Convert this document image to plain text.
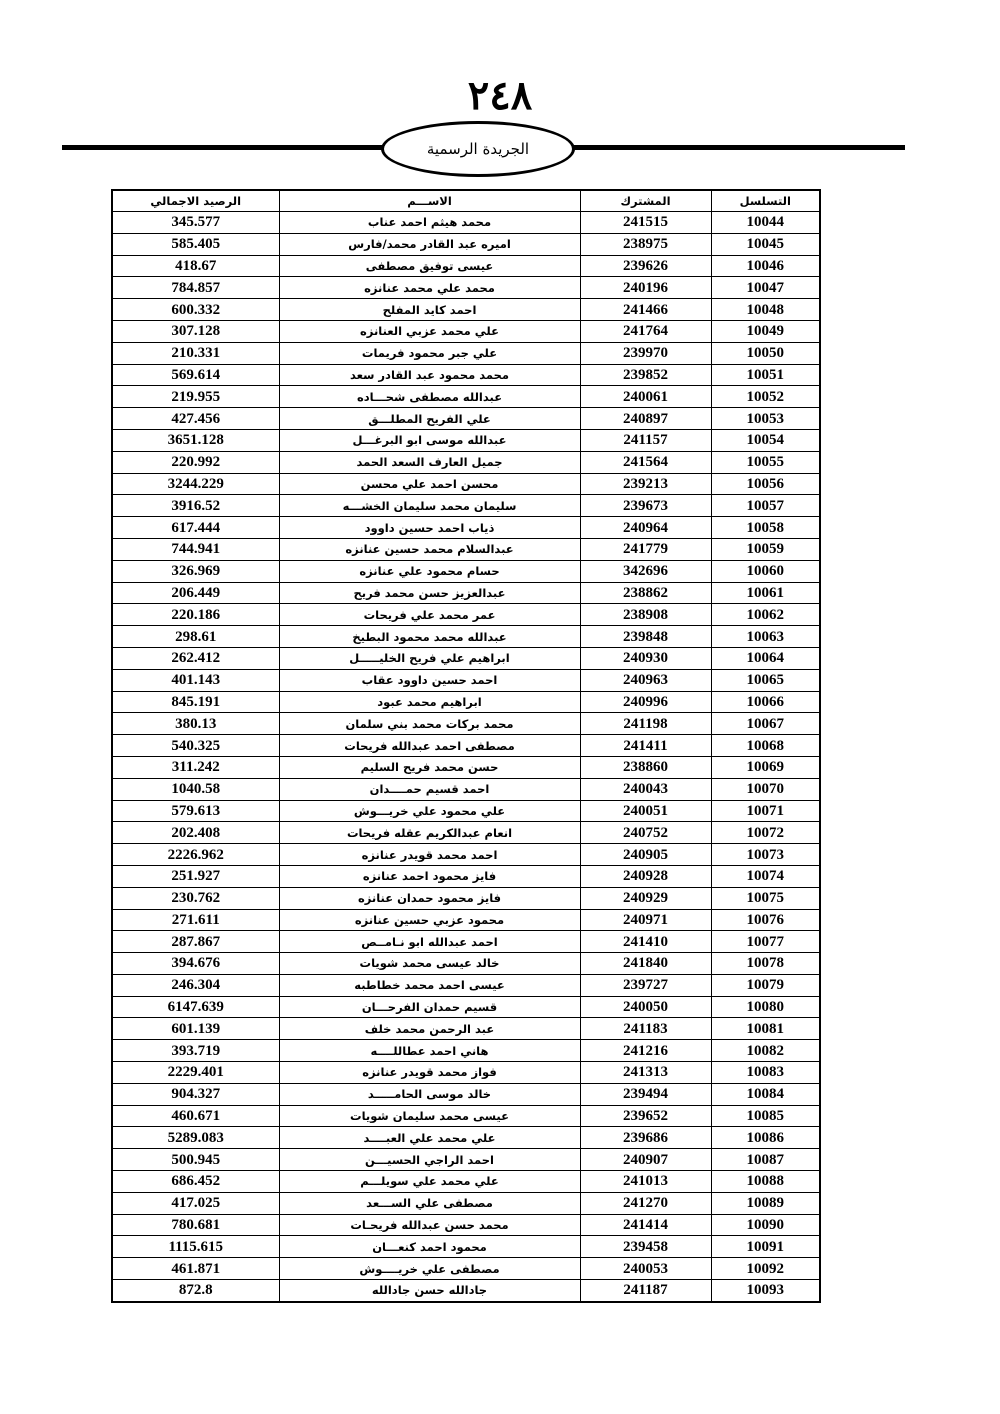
٢٤٨
الجريدة الرسمية
الرصيد الاجمالي	الاســـم	المشترك	التسلسل
345.577	محمد هيثم احمد عناب	241515	10044
585.405	اميره عبد القادر محمد/فارس	238975	10045
418.67	عيسى توفيق مصطفى	239626	10046
784.857	محمد علي محمد عنانزه	240196	10047
600.332	احمد كايد المفلح	241466	10048
307.128	علي محمد عزبي العنانزه	241764	10049
210.331	علي جبر محمود فريمات	239970	10050
569.614	محمد محمود عبد القادر سعد	239852	10051
219.955	عبدالله مصطفى شحـــاده	240061	10052
427.456	علي الفريح المطلـــق	240897	10053
3651.128	عبدالله موسى ابو البرغـــل	241157	10054
220.992	جميل العارف السعد الحمد	241564	10055
3244.229	محسن احمد علي محسن	239213	10056
3916.52	سليمان محمد سليمان الخشـــه	239673	10057
617.444	ذياب احمد حسين داوود	240964	10058
744.941	عبدالسلام محمد حسين عنانزه	241779	10059
326.969	حسام محمود علي عنانزه	342696	10060
206.449	عبدالعزيز حسن محمد فريح	238862	10061
220.186	عمر محمد علي فريحات	238908	10062
298.61	عبدالله محمد محمود البطيخ	239848	10063
262.412	ابراهيم علي فريح الخليـــــل	240930	10064
401.143	احمد حسين داوود عقاب	240963	10065
845.191	ابراهيم محمد عبود	240996	10066
380.13	محمد بركات محمد بني سلمان	241198	10067
540.325	مصطفى احمد عبدالله فريحات	241411	10068
311.242	حسن محمد فريح السليم	238860	10069
1040.58	احمد قسيم حمــــدان	240043	10070
579.613	علي محمود علي خريـــوش	240051	10071
202.408	انعام عبدالكريم عقله فريحات	240752	10072
2226.962	احمد محمد قويدر عنانزه	240905	10073
251.927	فايز محمود احمد عنانزه	240928	10074
230.762	فايز محمود حمدان عنانزه	240929	10075
271.611	محمود عزبي حسين عنانزه	240971	10076
287.867	احمد عبدالله ابو نـامــص	241410	10077
394.676	خالد عيسى محمد شويات	241840	10078
246.304	عيسى احمد محمد خطاطبه	239727	10079
6147.639	قسيم حمدان الفرحـــان	240050	10080
601.139	عبد الرحمن محمد خلف	241183	10081
393.719	هاني احمد عطاللــــه	241216	10082
2229.401	فواز محمد قويدر عنانزه	241313	10083
904.327	خالد موسى الحامـــــد	239494	10084
460.671	عيسى محمد سليمان شويات	239652	10085
5289.083	علي محمد علي العبــــد	239686	10086
500.945	احمد الراجي الحسيـــن	240907	10087
686.452	علي محمد علي سويلـــم	241013	10088
417.025	مصطفى علي الســـعد	241270	10089
780.681	محمد حسن عبدالله فريحـات	241414	10090
1115.615	محمود احمد كنعـــان	239458	10091
461.871	مصطفى علي خريــــوش	240053	10092
872.8	جادالله حسن جادالله	241187	10093
